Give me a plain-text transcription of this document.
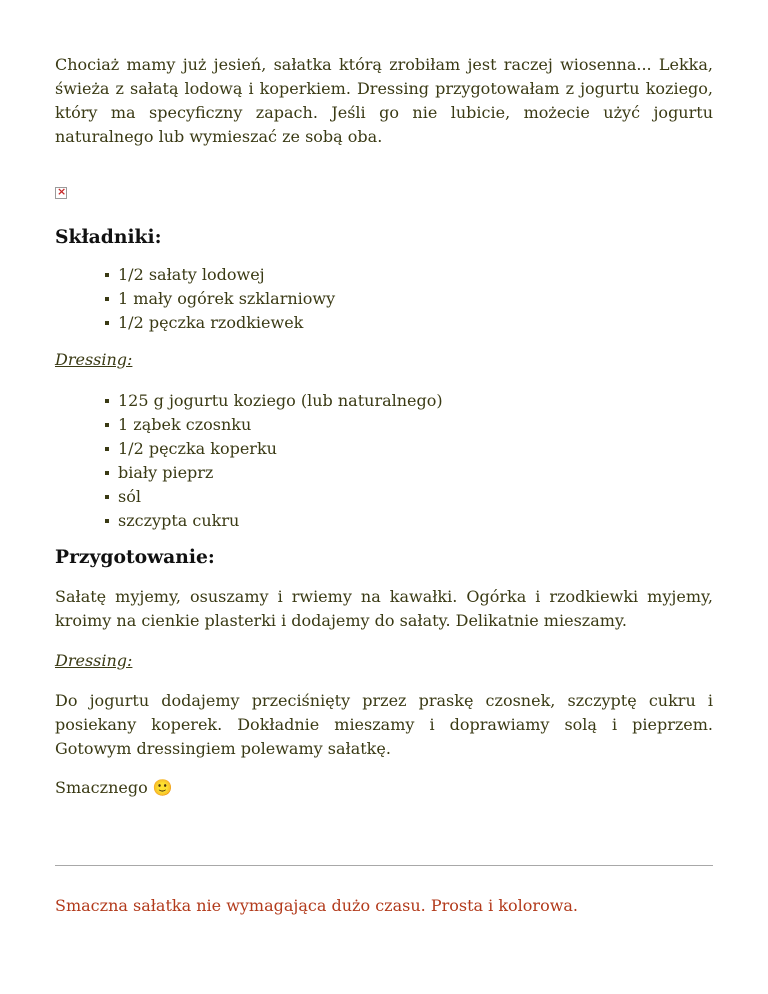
Chociaż mamy już jesień, sałatka którą zrobiłam jest raczej wiosenna... Lekka, świeża z sałatą lodową i koperkiem. Dressing przygotowałam z jogurtu koziego, który ma specyficzny zapach. Jeśli go nie lubicie, możecie użyć jogurtu naturalnego lub wymieszać ze sobą oba.

×
Składniki:
1/2 sałaty lodowej
1 mały ogórek szklarniowy
1/2 pęczka rzodkiewek

Dressing:

125 g jogurtu koziego (lub naturalnego)
1 ząbek czosnku
1/2 pęczka koperku
biały pieprz
sól
szczypta cukru
Przygotowanie:

Sałatę myjemy, osuszamy i rwiemy na kawałki. Ogórka i rzodkiewki myjemy, kroimy na cienkie plasterki i dodajemy do sałaty. Delikatnie mieszamy.

Dressing:

Do jogurtu dodajemy przeciśnięty przez praskę czosnek, szczyptę cukru i posiekany koperek. Dokładnie mieszamy i doprawiamy solą i pieprzem. Gotowym dressingiem polewamy sałatkę.

Smacznego 🙂

Smaczna sałatka nie wymagająca dużo czasu. Prosta i kolorowa.
